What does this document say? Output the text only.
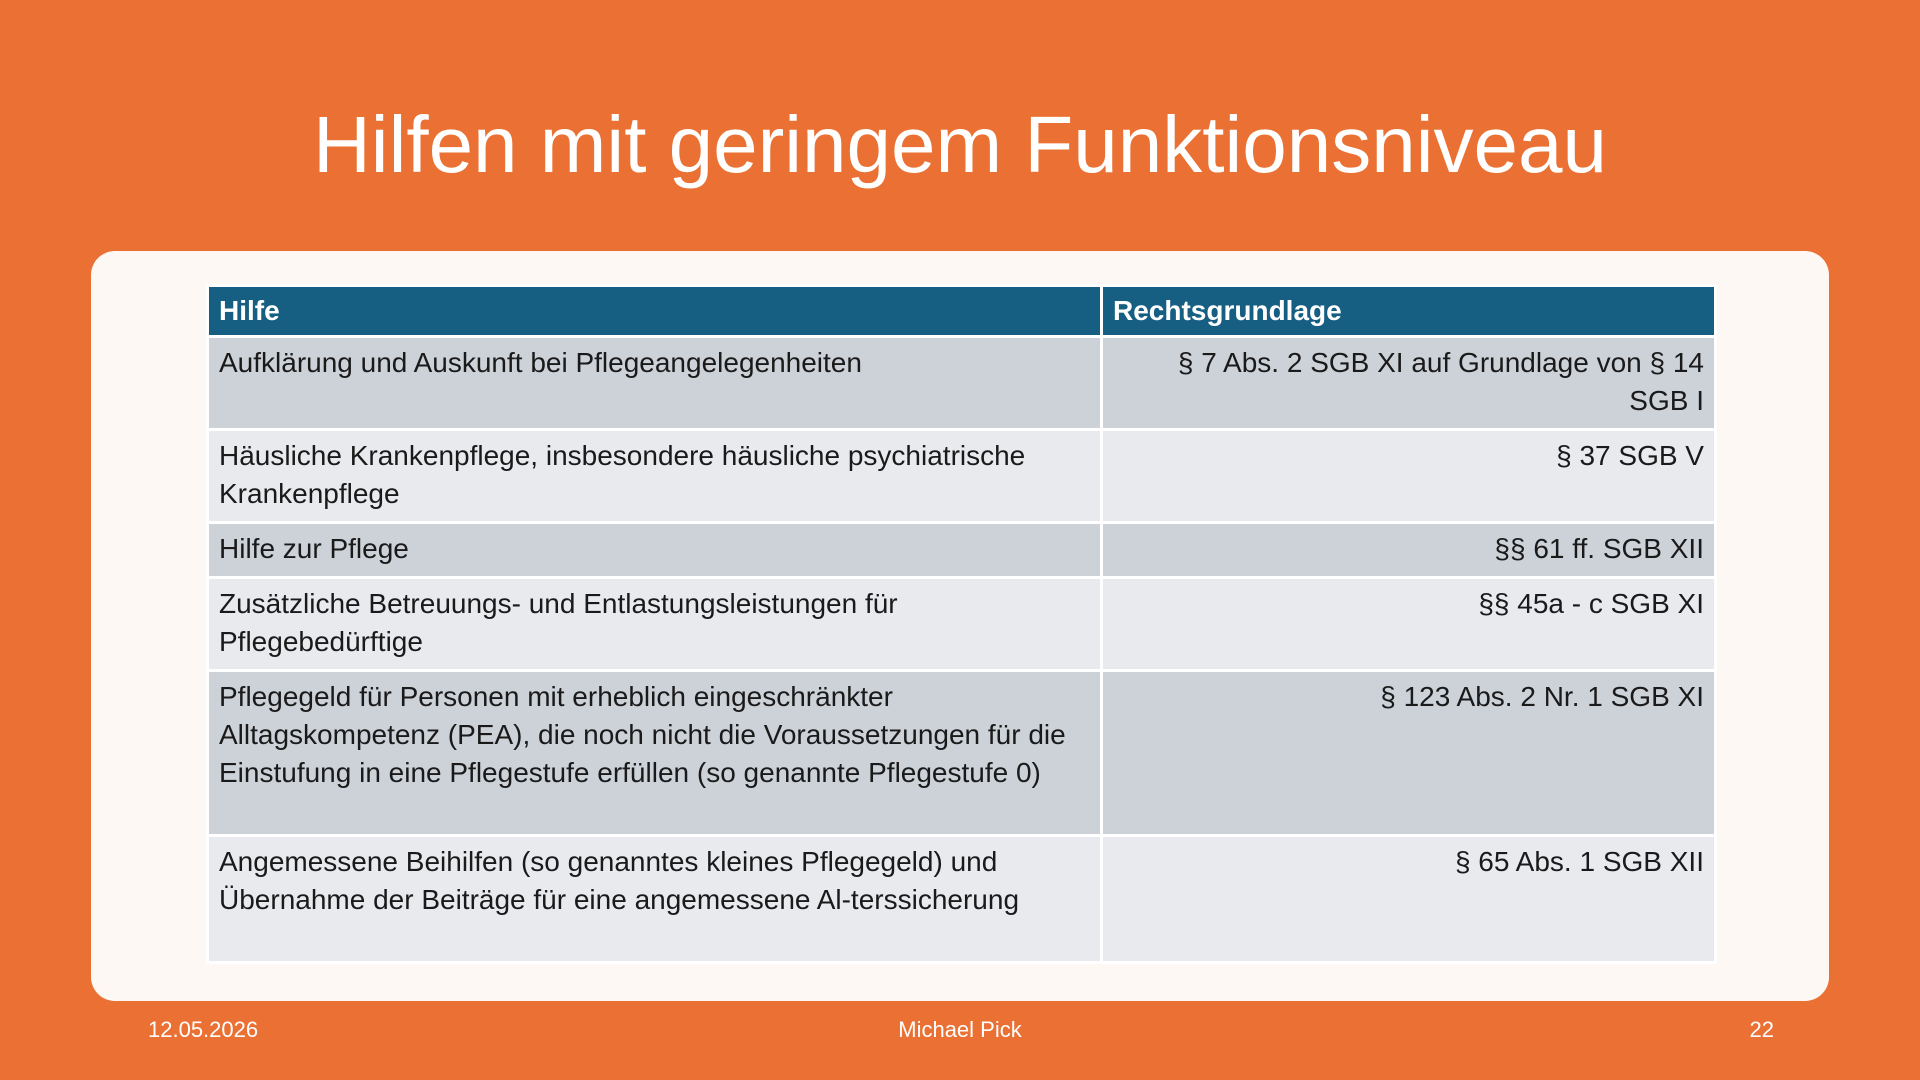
Hilfen mit geringem Funktionsniveau
Hilfe	Rechtsgrundlage
Aufklärung und Auskunft bei Pflegeangelegenheiten	§ 7 Abs. 2 SGB XI auf Grundlage von § 14 SGB I
Häusliche Krankenpflege, insbesondere häusliche psychiatrische Krankenpflege	§ 37 SGB V
Hilfe zur Pflege	§§ 61 ff. SGB XII
Zusätzliche Betreuungs- und Entlastungsleistungen für Pflegebedürftige	§§ 45a - c SGB XI
Pflegegeld für Personen mit erheblich eingeschränkter Alltagskompetenz (PEA), die noch nicht die Voraussetzungen für die Einstufung in eine Pflegestufe erfüllen (so genannte Pflegestufe 0)	§ 123 Abs. 2 Nr. 1 SGB XI
Angemessene Beihilfen (so genanntes kleines Pflegegeld) und Übernahme der Beiträge für eine angemessene Al-terssicherung	§ 65 Abs. 1 SGB XII
12.05.2026	Michael Pick	22
